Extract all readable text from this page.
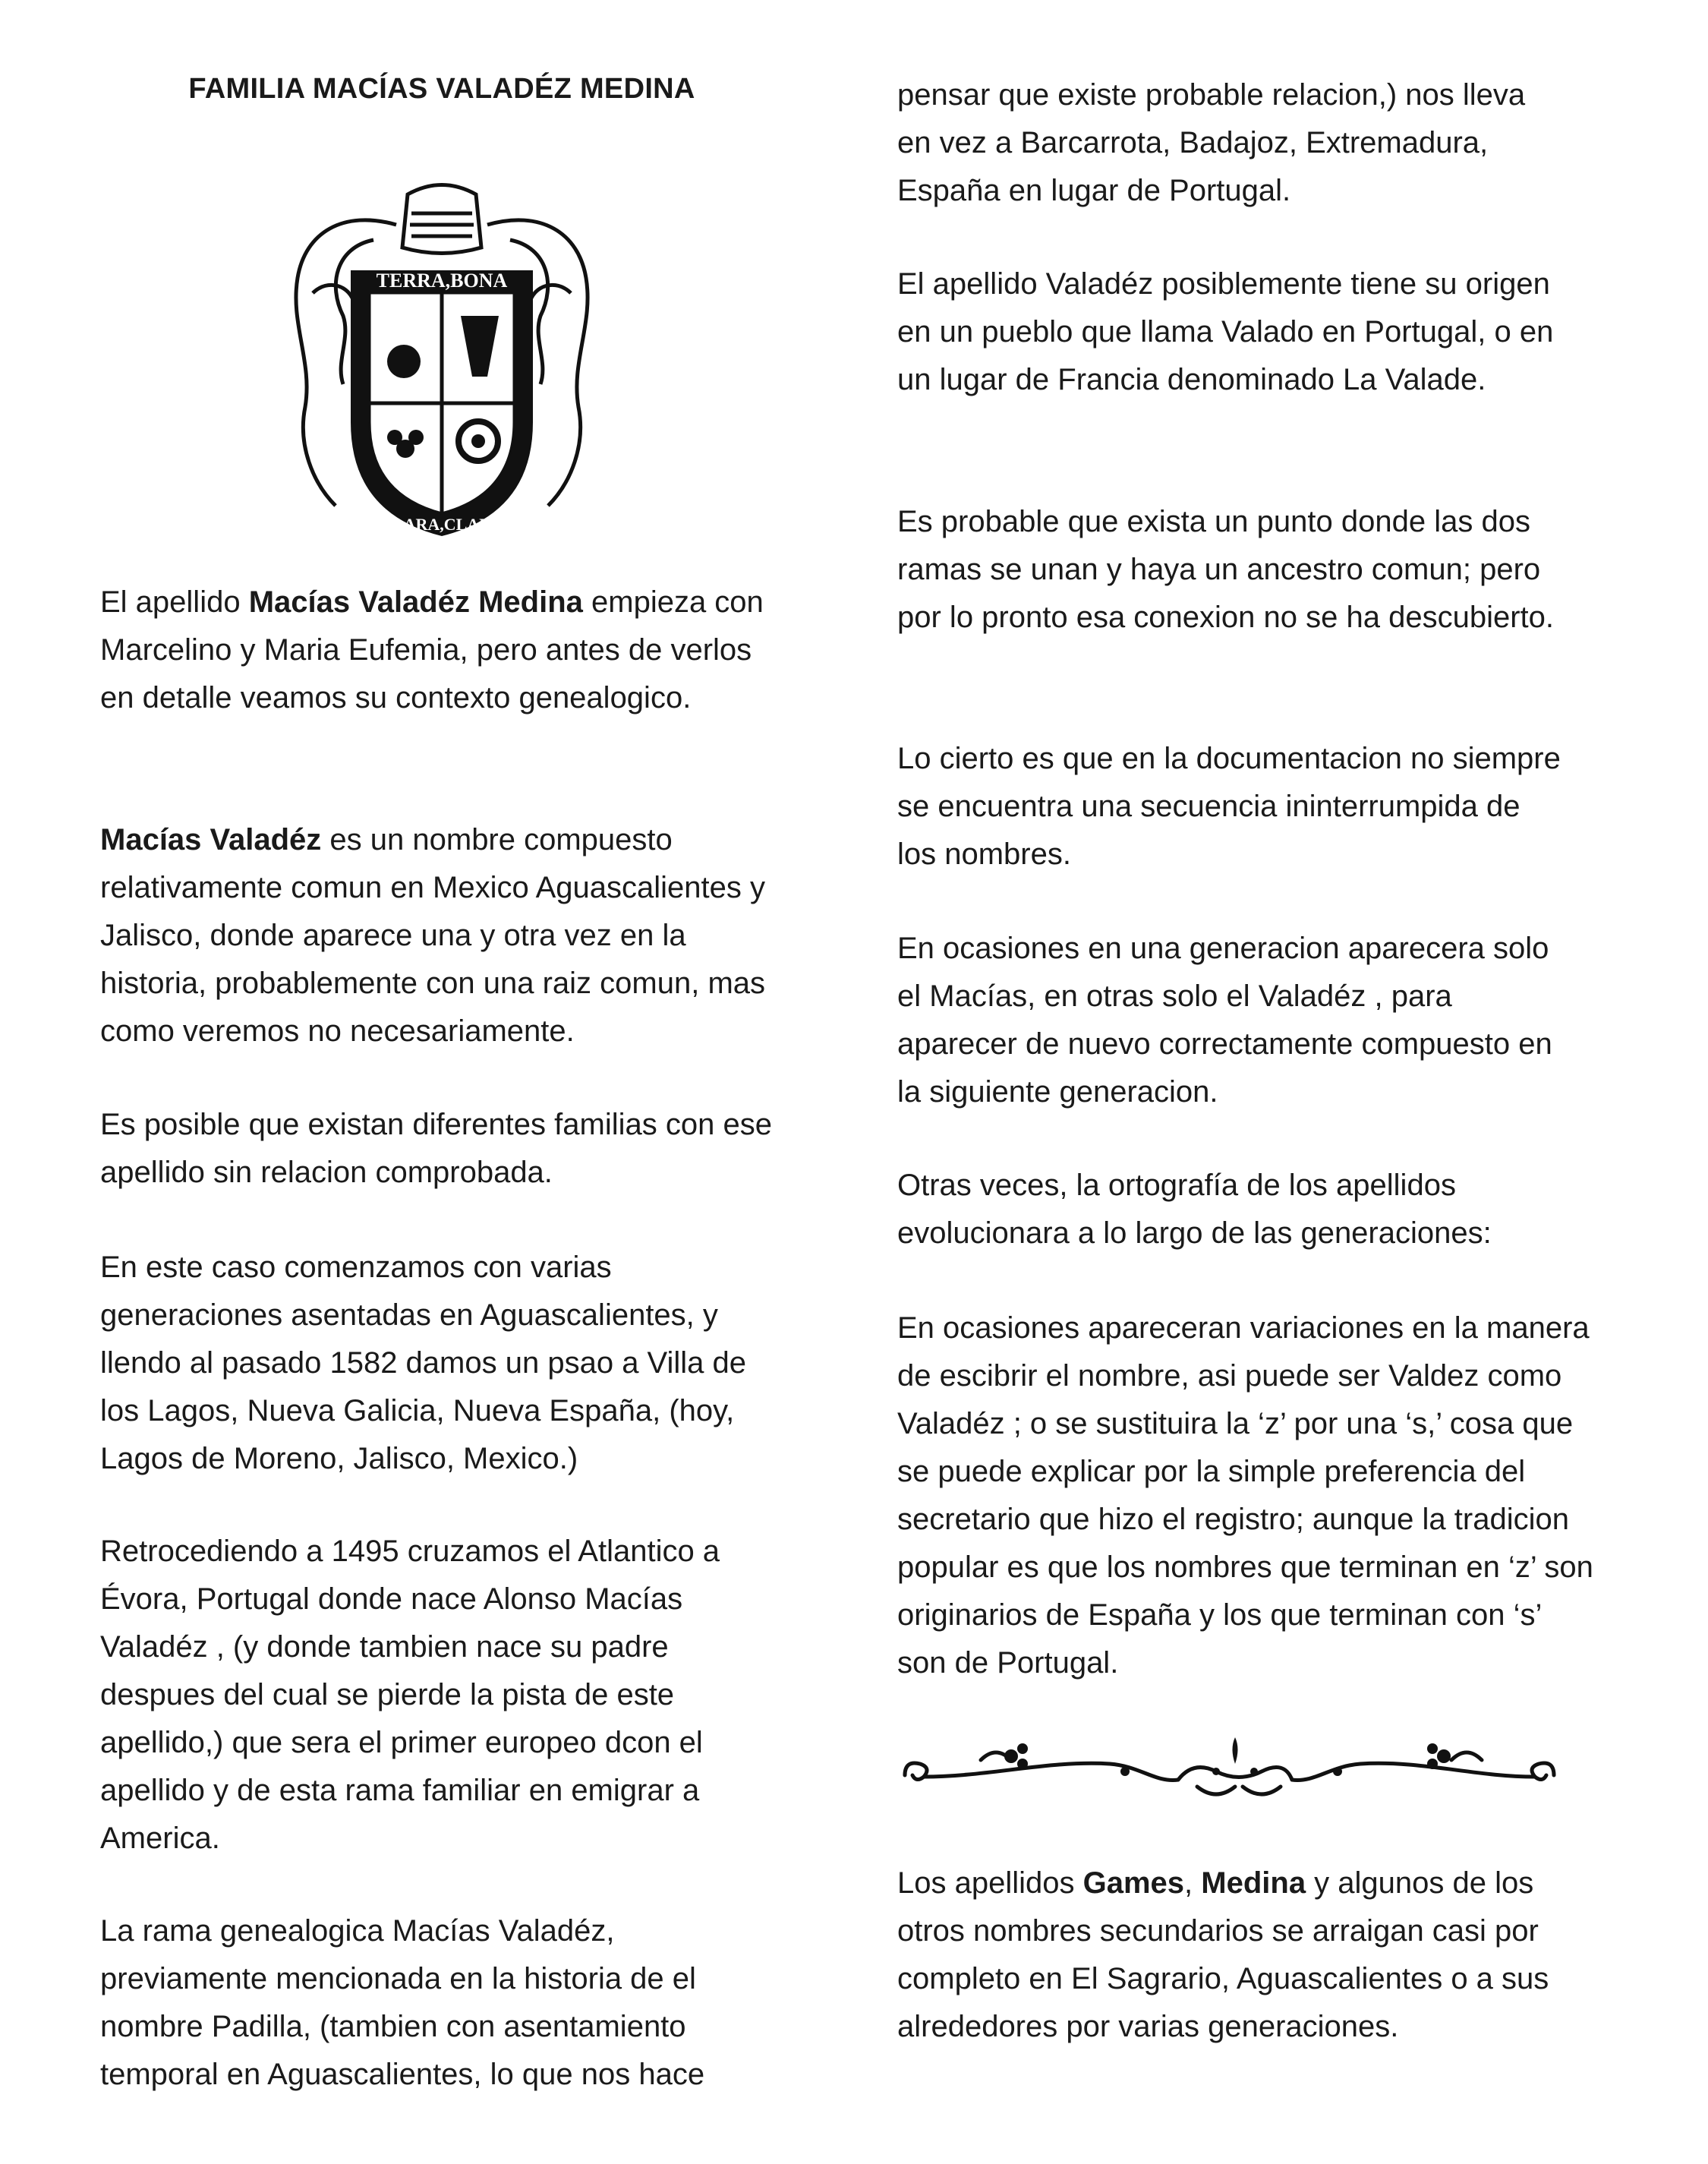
FAMILIA MACÍAS VALADÉZ MEDINA
TERRA,BONA
CLARA,CLARU

El apellido Macías Valadéz Medina empieza con Marcelino y Maria Eufemia, pero antes de verlos en detalle veamos su contexto genealogico.

Macías Valadéz es un nombre compuesto relativamente comun en Mexico Aguascalientes y Jalisco, donde aparece una y otra vez en la historia, probablemente con una raiz comun, mas como veremos no necesariamente.

Es posible que existan diferentes familias con ese apellido sin relacion comprobada.

En este caso comenzamos con varias generaciones asentadas en Aguascalientes, y llendo al pasado 1582 damos un psao a Villa de los Lagos, Nueva Galicia, Nueva España, (hoy, Lagos de Moreno, Jalisco, Mexico.)

Retrocediendo a 1495 cruzamos el Atlantico a Évora, Portugal donde nace Alonso Macías Valadéz , (y donde tambien nace su padre despues del cual se pierde la pista de este apellido,) que sera el primer europeo dcon el apellido y de esta rama familiar en emigrar a America.

La rama genealogica Macías Valadéz, previamente mencionada en la historia de el nombre Padilla, (tambien con asentamiento temporal en Aguascalientes, lo que nos hace

pensar que existe probable relacion,) nos lleva en vez a Barcarrota, Badajoz, Extremadura, España en lugar de Portugal.

El apellido Valadéz posiblemente tiene su origen en un pueblo que llama Valado en Portugal, o en un lugar de Francia denominado La Valade.

Es probable que exista un punto donde las dos ramas se unan y haya un ancestro comun; pero por lo pronto esa conexion no se ha descubierto.

Lo cierto es que en la documentacion no siempre se encuentra una secuencia ininterrumpida de los nombres.

En ocasiones en una generacion aparecera solo el Macías, en otras solo el Valadéz , para aparecer de nuevo correctamente compuesto en la siguiente generacion.

Otras veces, la ortografía de los apellidos evolucionara a lo largo de las generaciones:

En ocasiones apareceran variaciones en la manera de escibrir el nombre, asi puede ser Valdez como Valadéz ; o se sustituira la ‘z’ por una ‘s,’ cosa que se puede explicar por la simple preferencia del secretario que hizo el registro; aunque la tradicion popular es que los nombres que terminan en ‘z’ son originarios de España y los que terminan con ‘s’ son de Portugal.

Los apellidos Games, Medina y algunos de los otros nombres secundarios se arraigan casi por completo en El Sagrario, Aguascalientes o a sus alrededores por varias generaciones.
